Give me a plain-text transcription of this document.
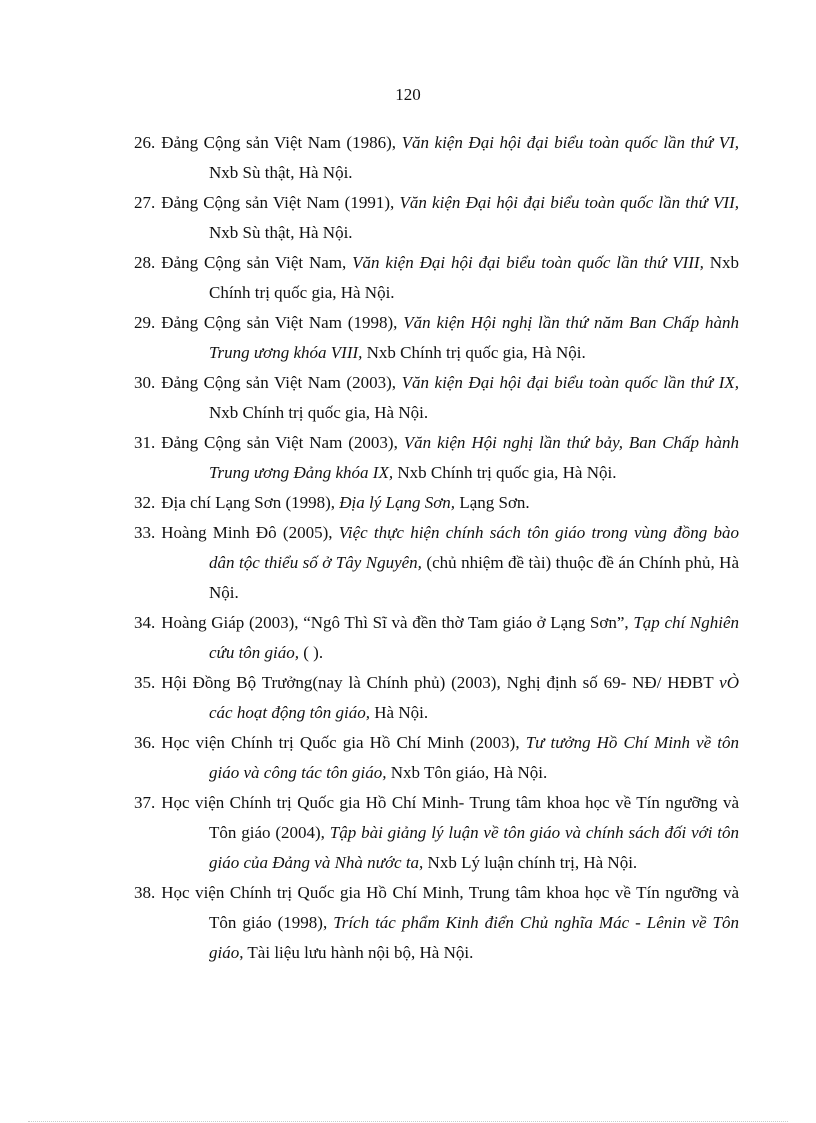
120
26. Đảng Cộng sản Việt Nam (1986), Văn kiện Đại hội đại biểu toàn quốc lần thứ VI, Nxb Sù thật, Hà Nội.
27. Đảng Cộng sản Việt Nam (1991), Văn kiện Đại hội đại biểu toàn quốc lần thứ VII, Nxb Sù thật, Hà Nội.
28. Đảng Cộng sản Việt Nam, Văn kiện Đại hội đại biểu toàn quốc lần thứ VIII, Nxb Chính trị quốc gia, Hà Nội.
29. Đảng Cộng sản Việt Nam (1998), Văn kiện Hội nghị lần thứ năm Ban Chấp hành Trung ương khóa VIII, Nxb Chính trị quốc gia, Hà Nội.
30. Đảng Cộng sản Việt Nam (2003), Văn kiện Đại hội đại biểu toàn quốc lần thứ IX, Nxb Chính trị quốc gia, Hà Nội.
31. Đảng Cộng sản Việt Nam (2003), Văn kiện Hội nghị lần thứ bảy, Ban Chấp hành Trung ương Đảng khóa IX, Nxb Chính trị quốc gia, Hà Nội.
32. Địa chí Lạng Sơn (1998), Địa lý Lạng Sơn, Lạng Sơn.
33. Hoàng Minh Đô (2005), Việc thực hiện chính sách tôn giáo trong vùng đồng bào dân tộc thiểu số ở Tây Nguyên, (chủ nhiệm đề tài) thuộc đề án Chính phủ, Hà Nội.
34. Hoàng Giáp (2003), “Ngô Thì Sĩ và đền thờ Tam giáo ở Lạng Sơn”, Tạp chí Nghiên cứu tôn giáo, ( ).
35. Hội Đồng Bộ Trưởng(nay là Chính phủ) (2003), Nghị định số 69- NĐ/ HĐBT vÒ các hoạt động tôn giáo, Hà Nội.
36. Học viện Chính trị Quốc gia Hồ Chí Minh (2003), Tư tưởng Hồ Chí Minh về tôn giáo và công tác tôn giáo, Nxb Tôn giáo, Hà Nội.
37. Học viện Chính trị Quốc gia Hồ Chí Minh- Trung tâm khoa học về Tín ngưỡng và Tôn giáo (2004), Tập bài giảng lý luận về tôn giáo và chính sách đối với tôn giáo của Đảng và Nhà nước ta, Nxb Lý luận chính trị, Hà Nội.
38. Học viện Chính trị Quốc gia Hồ Chí Minh, Trung tâm khoa học về Tín ngưỡng và Tôn giáo (1998), Trích tác phẩm Kinh điển Chủ nghĩa Mác - Lênin về Tôn giáo, Tài liệu lưu hành nội bộ, Hà Nội.
